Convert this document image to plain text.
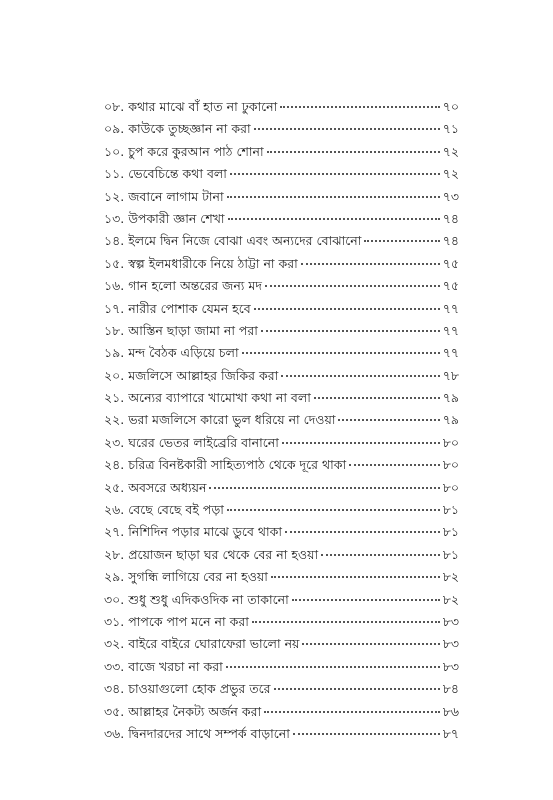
০৮. কথার মাঝে বাঁ হাত না ঢুকানো	৭০
০৯. কাউকে তুচ্ছজ্ঞান না করা	৭১
১০. চুপ করে কুরআন পাঠ শোনা	৭২
১১. ভেবেচিন্তে কথা বলা	৭২
১২. জবানে লাগাম টানা	৭৩
১৩. উপকারী জ্ঞান শেখা	৭৪
১৪. ইলমে দ্বিন নিজে বোঝা এবং অন্যদের বোঝানো	৭৪
১৫. স্বল্প ইলমধারীকে নিয়ে ঠাট্টা না করা	৭৫
১৬. গান হলো অন্তরের জন্য মদ	৭৫
১৭. নারীর পোশাক যেমন হবে	৭৭
১৮. আস্তিন ছাড়া জামা না পরা	৭৭
১৯. মন্দ বৈঠক এড়িয়ে চলা	৭৭
২০. মজলিসে আল্লাহর জিকির করা	৭৮
২১. অন্যের ব্যাপারে খামোখা কথা না বলা	৭৯
২২. ভরা মজলিসে কারো ভুল ধরিয়ে না দেওয়া	৭৯
২৩. ঘরের ভেতর লাইব্রেরি বানানো	৮০
২৪. চরিত্র বিনষ্টকারী সাহিত্যপাঠ থেকে দূরে থাকা	৮০
২৫. অবসরে অধ্যয়ন	৮০
২৬. বেছে বেছে বই পড়া	৮১
২৭. নিশিদিন পড়ার মাঝে ডুবে থাকা	৮১
২৮. প্রয়োজন ছাড়া ঘর থেকে বের না হওয়া	৮১
২৯. সুগন্ধি লাগিয়ে বের না হওয়া	৮২
৩০. শুধু শুধু এদিকওদিক না তাকানো	৮২
৩১. পাপকে পাপ মনে না করা	৮৩
৩২. বাইরে বাইরে ঘোরাফেরা ভালো নয়	৮৩
৩৩. বাজে খরচা না করা	৮৩
৩৪. চাওয়াগুলো হোক প্রভুর তরে	৮৪
৩৫. আল্লাহর নৈকট্য অর্জন করা	৮৬
৩৬. দ্বিনদারদের সাথে সম্পর্ক বাড়ানো	৮৭
